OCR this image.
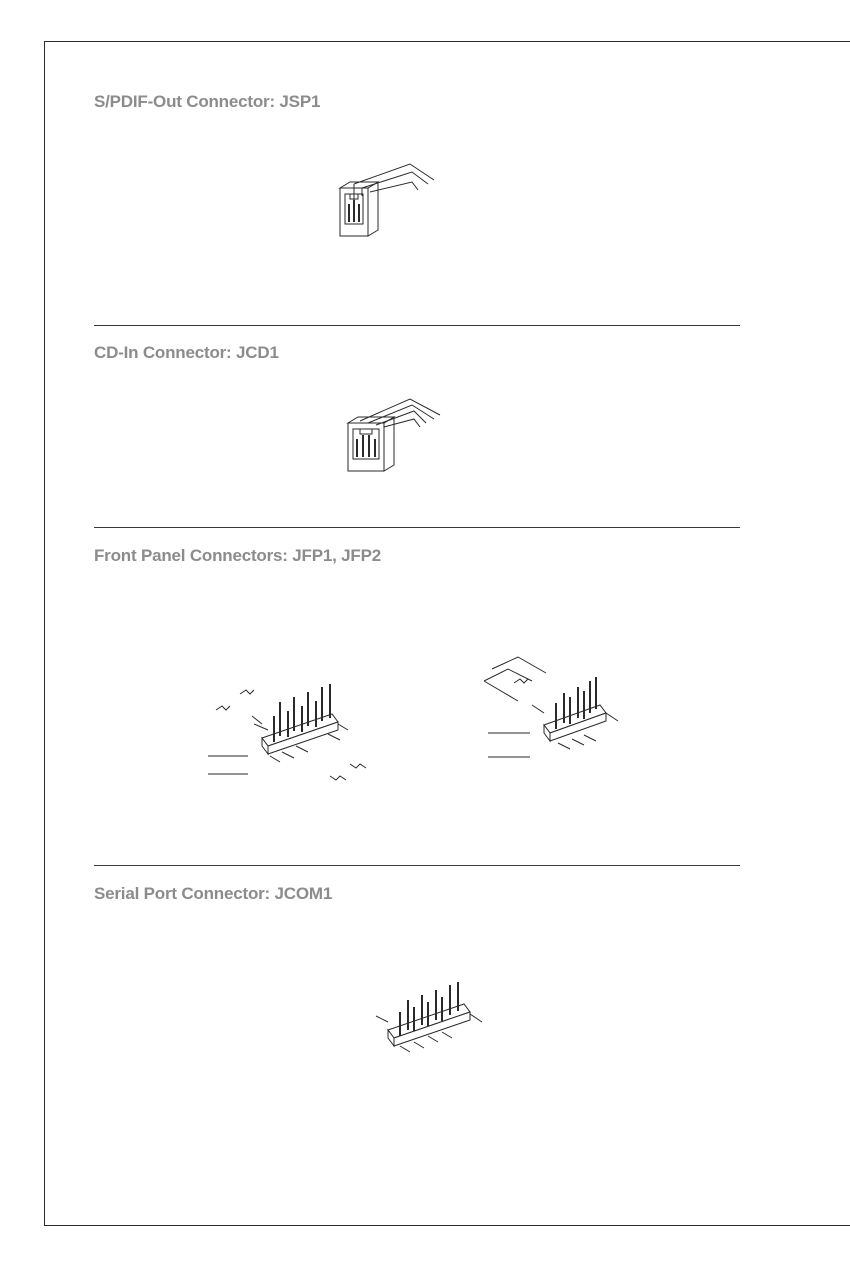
S/PDIF-Out Connector: JSP1
CD-In Connector: JCD1
Front Panel Connectors: JFP1, JFP2
Serial Port Connector: JCOM1
